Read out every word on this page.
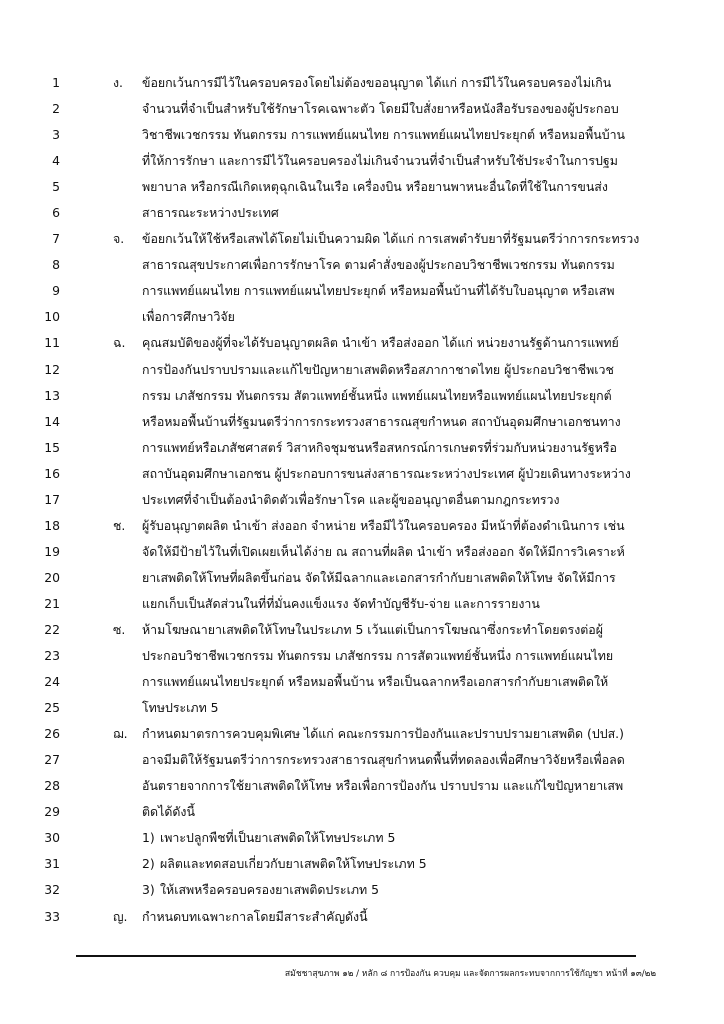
1	ง. ข้อยกเว้นการมีไว้ในครอบครองโดยไม่ต้องขออนุญาต ได้แก่ การมีไว้ในครอบครองไม่เกิน
2	จำนวนที่จำเป็นสำหรับใช้รักษาโรคเฉพาะตัว โดยมีใบสั่งยาหรือหนังสือรับรองของผู้ประกอบ
3	วิชาชีพเวชกรรม ทันตกรรม การแพทย์แผนไทย การแพทย์แผนไทยประยุกต์ หรือหมอพื้นบ้าน
4	ที่ให้การรักษา และการมีไว้ในครอบครองไม่เกินจำนวนที่จำเป็นสำหรับใช้ประจำในการปฐม
5	พยาบาล หรือกรณีเกิดเหตุฉุกเฉินในเรือ เครื่องบิน หรือยานพาหนะอื่นใดที่ใช้ในการขนส่ง
6	สาธารณะระหว่างประเทศ
7	จ. ข้อยกเว้นให้ใช้หรือเสพได้โดยไม่เป็นความผิด ได้แก่ การเสพตำรับยาที่รัฐมนตรีว่าการกระทรวง
8	สาธารณสุขประกาศเพื่อการรักษาโรค ตามคำสั่งของผู้ประกอบวิชาชีพเวชกรรม ทันตกรรม
9	การแพทย์แผนไทย การแพทย์แผนไทยประยุกต์ หรือหมอพื้นบ้านที่ได้รับใบอนุญาต หรือเสพ
10	เพื่อการศึกษาวิจัย
11	ฉ. คุณสมบัติของผู้ที่จะได้รับอนุญาตผลิต นำเข้า หรือส่งออก ได้แก่ หน่วยงานรัฐด้านการแพทย์
12	การป้องกันปราบปรามและแก้ไขปัญหายาเสพติดหรือสภากาชาดไทย ผู้ประกอบวิชาชีพเวช
13	กรรม เภสัชกรรม ทันตกรรม สัตวแพทย์ชั้นหนึ่ง แพทย์แผนไทยหรือแพทย์แผนไทยประยุกต์
14	หรือหมอพื้นบ้านที่รัฐมนตรีว่าการกระทรวงสาธารณสุขกำหนด สถาบันอุดมศึกษาเอกชนทาง
15	การแพทย์หรือเภสัชศาสตร์ วิสาหกิจชุมชนหรือสหกรณ์การเกษตรที่ร่วมกับหน่วยงานรัฐหรือ
16	สถาบันอุดมศึกษาเอกชน ผู้ประกอบการขนส่งสาธารณะระหว่างประเทศ ผู้ป่วยเดินทางระหว่าง
17	ประเทศที่จำเป็นต้องนำติดตัวเพื่อรักษาโรค และผู้ขออนุญาตอื่นตามกฎกระทรวง
18	ช. ผู้รับอนุญาตผลิต นำเข้า ส่งออก จำหน่าย หรือมีไว้ในครอบครอง มีหน้าที่ต้องดำเนินการ เช่น
19	จัดให้มีป้ายไว้ในที่เปิดเผยเห็นได้ง่าย ณ สถานที่ผลิต นำเข้า หรือส่งออก จัดให้มีการวิเคราะห์
20	ยาเสพติดให้โทษที่ผลิตขึ้นก่อน จัดให้มีฉลากและเอกสารกำกับยาเสพติดให้โทษ จัดให้มีการ
21	แยกเก็บเป็นสัดส่วนในที่ที่มั่นคงแข็งแรง จัดทำบัญชีรับ-จ่าย และการรายงาน
22	ซ. ห้ามโฆษณายาเสพติดให้โทษในประเภท 5 เว้นแต่เป็นการโฆษณาซึ่งกระทำโดยตรงต่อผู้
23	ประกอบวิชาชีพเวชกรรม ทันตกรรม เภสัชกรรม การสัตวแพทย์ชั้นหนึ่ง การแพทย์แผนไทย
24	การแพทย์แผนไทยประยุกต์ หรือหมอพื้นบ้าน หรือเป็นฉลากหรือเอกสารกำกับยาเสพติดให้
25	โทษประเภท 5
26	ฌ. กำหนดมาตรการควบคุมพิเศษ ได้แก่ คณะกรรมการป้องกันและปราบปรามยาเสพติด (ปปส.)
27	อาจมีมติให้รัฐมนตรีว่าการกระทรวงสาธารณสุขกำหนดพื้นที่ทดลองเพื่อศึกษาวิจัยหรือเพื่อลด
28	อันตรายจากการใช้ยาเสพติดให้โทษ หรือเพื่อการป้องกัน ปราบปราม และแก้ไขปัญหายาเสพ
29	ติดได้ดังนี้
30	1) เพาะปลูกพืชที่เป็นยาเสพติดให้โทษประเภท 5
31	2) ผลิตและทดสอบเกี่ยวกับยาเสพติดให้โทษประเภท 5
32	3) ให้เสพหรือครอบครองยาเสพติดประเภท 5
33	ญ. กำหนดบทเฉพาะกาลโดยมีสาระสำคัญดังนี้
สมัชชาสุขภาพ ๑๒ / หลัก ๘ การป้องกัน ควบคุม และจัดการผลกระทบจากการใช้กัญชา หน้าที่ ๑๓/๒๒
